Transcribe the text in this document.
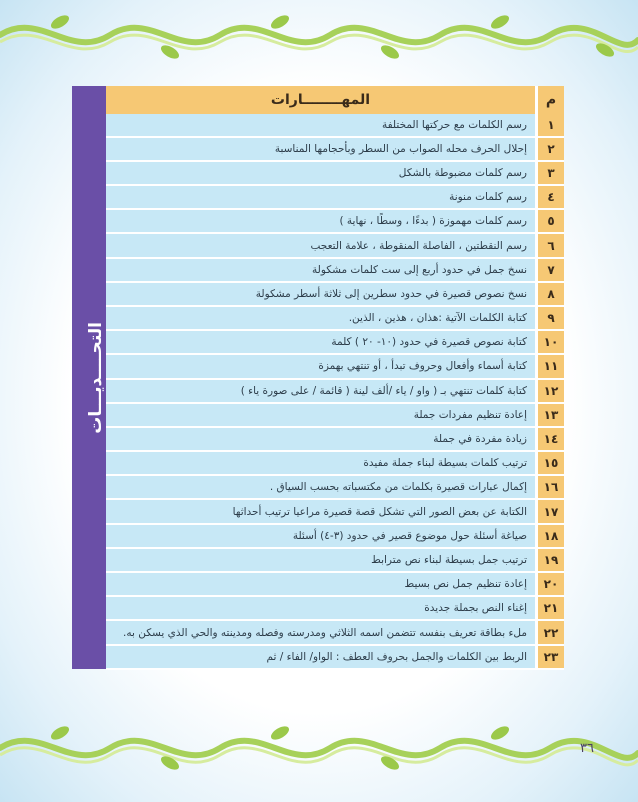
م	المهــــــــارات	التحــــديـــات

١	رسم الكلمات مع حركتها المختلفة	
٢	إحلال الحرف محله الصواب من السطر وبأحجامها المناسبة	
٣	رسم كلمات مضبوطة بالشكل	
٤	رسم كلمات منونة	
٥	رسم كلمات مهموزة ( بدءًا ، وسطًا ، نهاية )	
٦	رسم النقطتين ، الفاصلة المنقوطة ، علامة التعجب	
٧	نسخ جمل في حدود أربع إلى ست كلمات مشكولة	
٨	نسخ نصوص قصيرة في حدود سطرين إلى ثلاثة أسطر مشكولة	
٩	كتابة الكلمات الآتية :هذان ، هذين ، الذين.	
١٠	كتابة نصوص قصيرة في حدود (١٠- ٢٠ ) كلمة	
١١	كتابة أسماء وأفعال وحروف تبدأ ، أو تنتهي بهمزة	
١٢	كتابة كلمات تنتهي بـ ( واو / ياء /ألف لينة ( قائمة / على صورة ياء )	
١٣	إعادة تنظيم مفردات جملة	
١٤	زيادة مفردة في جملة	
١٥	ترتيب كلمات بسيطة لبناء جملة مفيدة	
١٦	إكمال عبارات قصيرة بكلمات من مكتسباته بحسب السياق .	
١٧	الكتابة عن بعض الصور التي تشكل قصة قصيرة مراعيا ترتيب أحداثها	
١٨	صياغة أسئلة حول موضوع قصير في حدود (٣-٤) أسئلة	
١٩	ترتيب جمل بسيطة لبناء نص مترابط	
٢٠	إعادة تنظيم جمل نص بسيط	
٢١	إغناء النص بجملة جديدة	
٢٢	ملء بطاقة تعريف بنفسه تتضمن اسمه الثلاثي ومدرسته وفصله ومدينته والحي الذي يسكن به.	
٢٣	الربط بين الكلمات والجمل بحروف العطف : الواو/ الفاء / ثم	
٣٦
